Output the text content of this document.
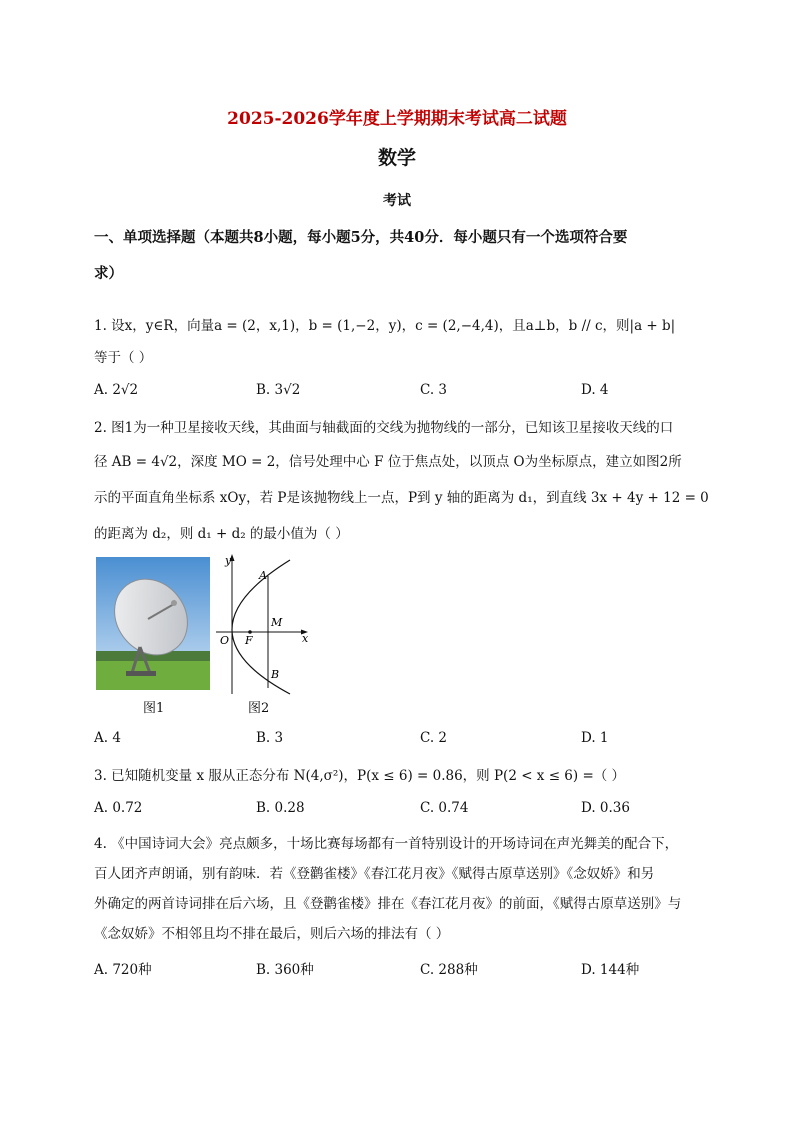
2025-2026学年度上学期期末考试高二试题
数学
考试
一、单项选择题（本题共8小题，每小题5分，共40分．每小题只有一个选项符合要
求）
1. 设x，y∈R，向量a = (2，x,1)，b = (1,−2，y)，c = (2,−4,4)，且a⊥b，b // c，则|a + b|
等于（ ）
A. 2√2	B. 3√2	C. 3	D. 4
2. 图1为一种卫星接收天线，其曲面与轴截面的交线为抛物线的一部分，已知该卫星接收天线的口
径 AB = 4√2，深度 MO = 2，信号处理中心 F 位于焦点处，以顶点 O为坐标原点，建立如图2所
示的平面直角坐标系 xOy，若 P是该抛物线上一点，P到 y 轴的距离为 d₁，到直线 3x + 4y + 12 = 0
的距离为 d₂，则 d₁ + d₂ 的最小值为（ ）
y
x
A
B
M
O F
图1	图2
A. 4	B. 3	C. 2	D. 1
3. 已知随机变量 x 服从正态分布 N(4,σ²)，P(x ≤ 6) = 0.86，则 P(2 < x ≤ 6) =（ ）
A. 0.72	B. 0.28	C. 0.74	D. 0.36
4. 《中国诗词大会》亮点颇多，十场比赛每场都有一首特别设计的开场诗词在声光舞美的配合下，
百人团齐声朗诵，别有韵味．若《登鹳雀楼》《春江花月夜》《赋得古原草送别》《念奴娇》和另
外确定的两首诗词排在后六场，且《登鹳雀楼》排在《春江花月夜》的前面，《赋得古原草送别》与
《念奴娇》不相邻且均不排在最后，则后六场的排法有（ ）
A. 720种	B. 360种	C. 288种	D. 144种
